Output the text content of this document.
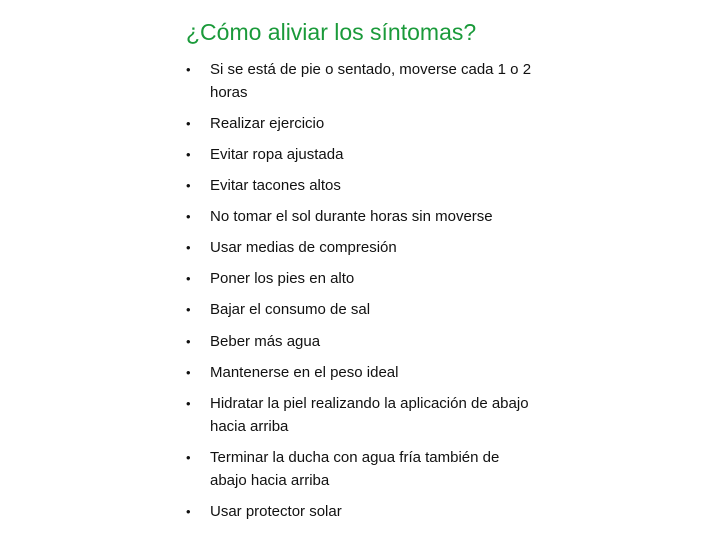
¿Cómo aliviar los síntomas?
•	Si se está de pie o sentado, moverse cada 1 o 2 horas
•	Realizar ejercicio
•	Evitar ropa ajustada
•	Evitar tacones altos
•	No tomar el sol durante horas sin moverse
•	Usar medias de compresión
•	Poner los pies en alto
•	Bajar el consumo de sal
•	Beber más agua
•	Mantenerse en el peso ideal
•	Hidratar la piel realizando la aplicación de abajo hacia arriba
•	Terminar la ducha con agua fría también de abajo hacia arriba
•	Usar protector solar
